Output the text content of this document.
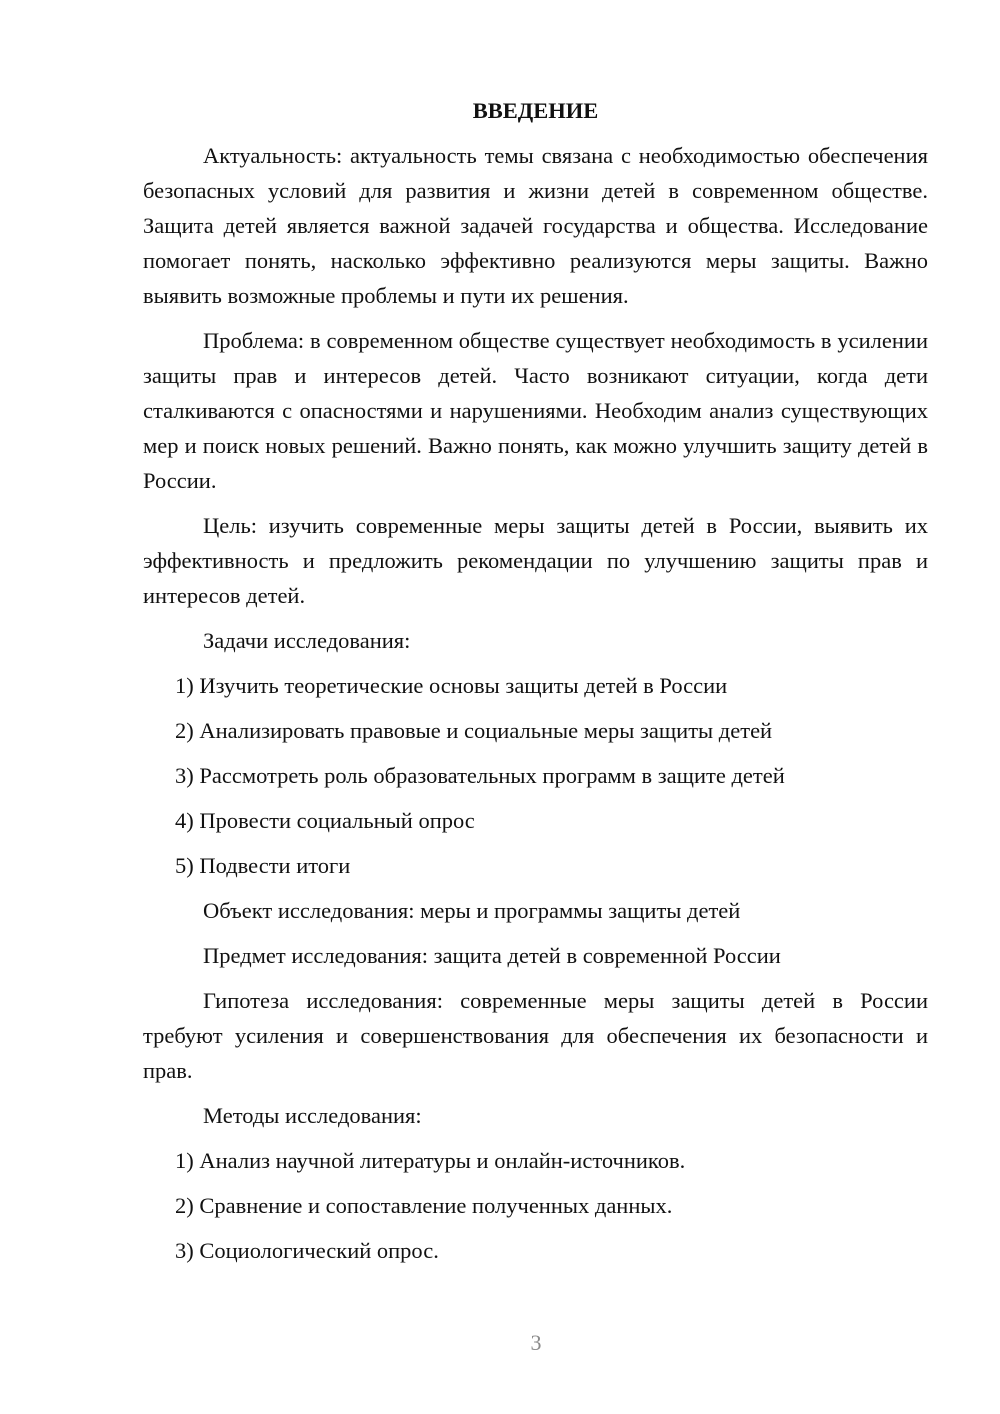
ВВЕДЕНИЕ

Актуальность: актуальность темы связана с необходимостью обеспечения безопасных условий для развития и жизни детей в современном обществе. Защита детей является важной задачей государства и общества. Исследование помогает понять, насколько эффективно реализуются меры защиты. Важно выявить возможные проблемы и пути их решения.

Проблема: в современном обществе существует необходимость в усилении защиты прав и интересов детей. Часто возникают ситуации, когда дети сталкиваются с опасностями и нарушениями. Необходим анализ существующих мер и поиск новых решений. Важно понять, как можно улучшить защиту детей в России.

Цель: изучить современные меры защиты детей в России, выявить их эффективность и предложить рекомендации по улучшению защиты прав и интересов детей.

Задачи исследования:

1) Изучить теоретические основы защиты детей в России
2) Анализировать правовые и социальные меры защиты детей
3) Рассмотреть роль образовательных программ в защите детей
4) Провести социальный опрос
5) Подвести итоги

Объект исследования: меры и программы защиты детей

Предмет исследования: защита детей в современной России

Гипотеза исследования: современные меры защиты детей в России требуют усиления и совершенствования для обеспечения их безопасности и прав.

Методы исследования:

1) Анализ научной литературы и онлайн-источников.
2) Сравнение и сопоставление полученных данных.
3) Социологический опрос.
3
